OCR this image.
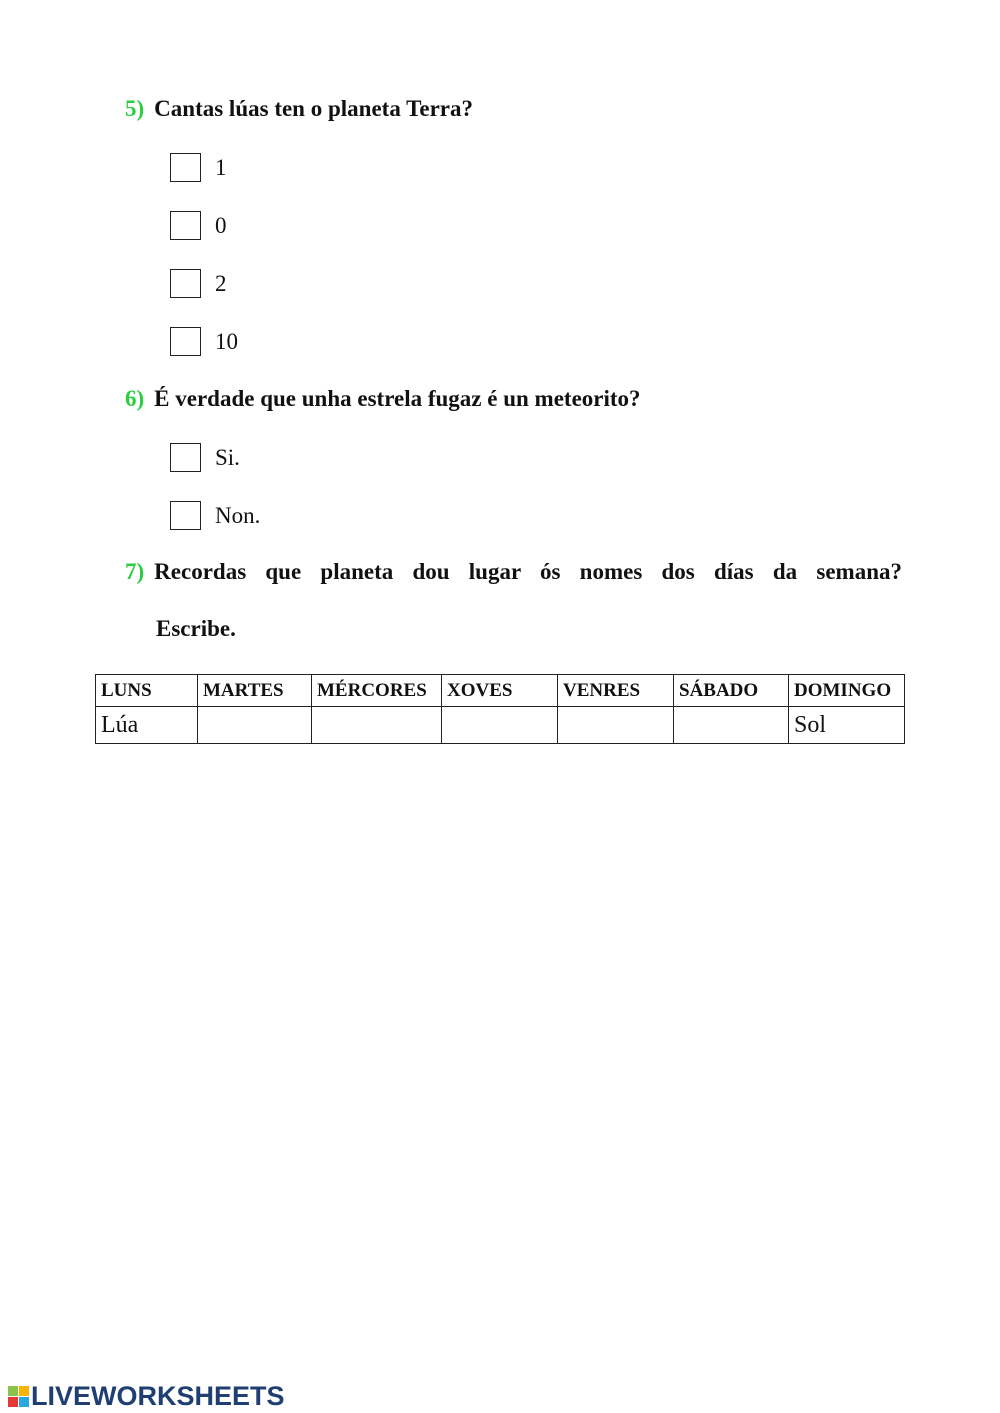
5) Cantas lúas ten o planeta Terra?
1
0
2
10
6) É verdade que unha estrela fugaz é un meteorito?
Si.
Non.
7) Recordas que planeta dou lugar ós nomes dos días da semana?
Escribe.
LUNS	MARTES	MÉRCORES	XOVES	VENRES	SÁBADO	DOMINGO
Lúa						Sol
LIVEWORKSHEETS
